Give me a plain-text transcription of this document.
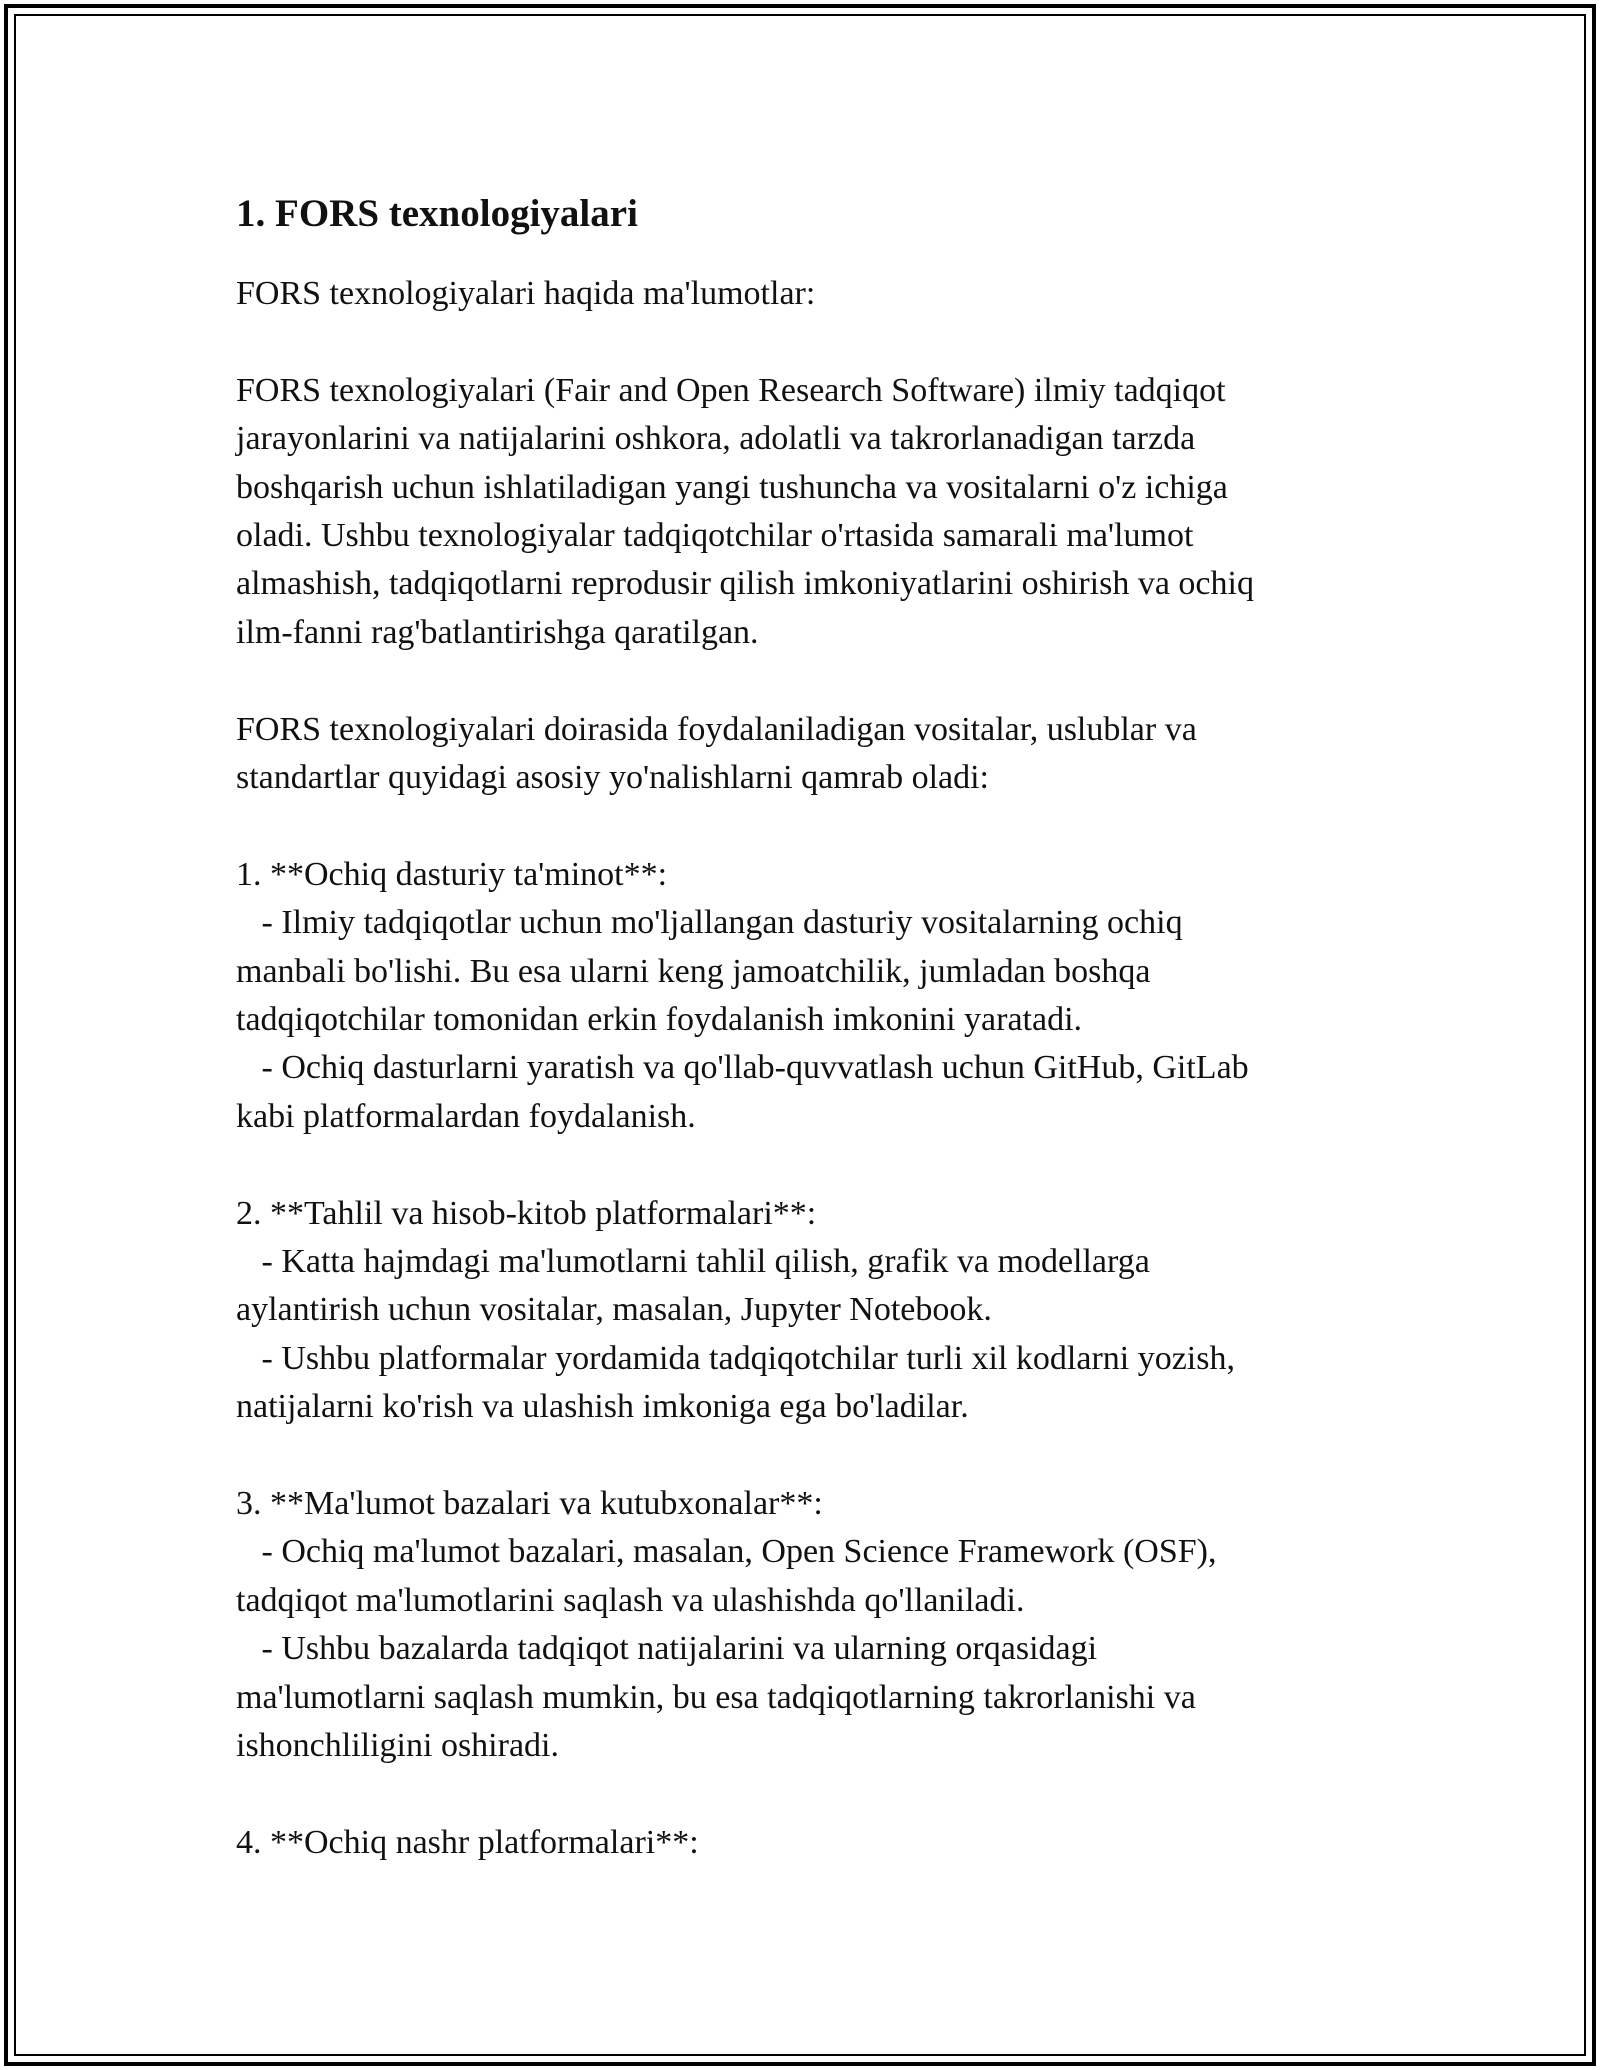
1. FORS texnologiyalari
FORS texnologiyalari haqida ma'lumotlar:
FORS texnologiyalari (Fair and Open Research Software) ilmiy tadqiqot
jarayonlarini va natijalarini oshkora, adolatli va takrorlanadigan tarzda
boshqarish uchun ishlatiladigan yangi tushuncha va vositalarni o'z ichiga
oladi. Ushbu texnologiyalar tadqiqotchilar o'rtasida samarali ma'lumot
almashish, tadqiqotlarni reprodusir qilish imkoniyatlarini oshirish va ochiq
ilm-fanni rag'batlantirishga qaratilgan.
FORS texnologiyalari doirasida foydalaniladigan vositalar, uslublar va
standartlar quyidagi asosiy yo'nalishlarni qamrab oladi:
1. **Ochiq dasturiy ta'minot**:
- Ilmiy tadqiqotlar uchun mo'ljallangan dasturiy vositalarning ochiq
manbali bo'lishi. Bu esa ularni keng jamoatchilik, jumladan boshqa
tadqiqotchilar tomonidan erkin foydalanish imkonini yaratadi.
- Ochiq dasturlarni yaratish va qo'llab-quvvatlash uchun GitHub, GitLab
kabi platformalardan foydalanish.
2. **Tahlil va hisob-kitob platformalari**:
- Katta hajmdagi ma'lumotlarni tahlil qilish, grafik va modellarga
aylantirish uchun vositalar, masalan, Jupyter Notebook.
- Ushbu platformalar yordamida tadqiqotchilar turli xil kodlarni yozish,
natijalarni ko'rish va ulashish imkoniga ega bo'ladilar.
3. **Ma'lumot bazalari va kutubxonalar**:
- Ochiq ma'lumot bazalari, masalan, Open Science Framework (OSF),
tadqiqot ma'lumotlarini saqlash va ulashishda qo'llaniladi.
- Ushbu bazalarda tadqiqot natijalarini va ularning orqasidagi
ma'lumotlarni saqlash mumkin, bu esa tadqiqotlarning takrorlanishi va
ishonchliligini oshiradi.
4. **Ochiq nashr platformalari**:
